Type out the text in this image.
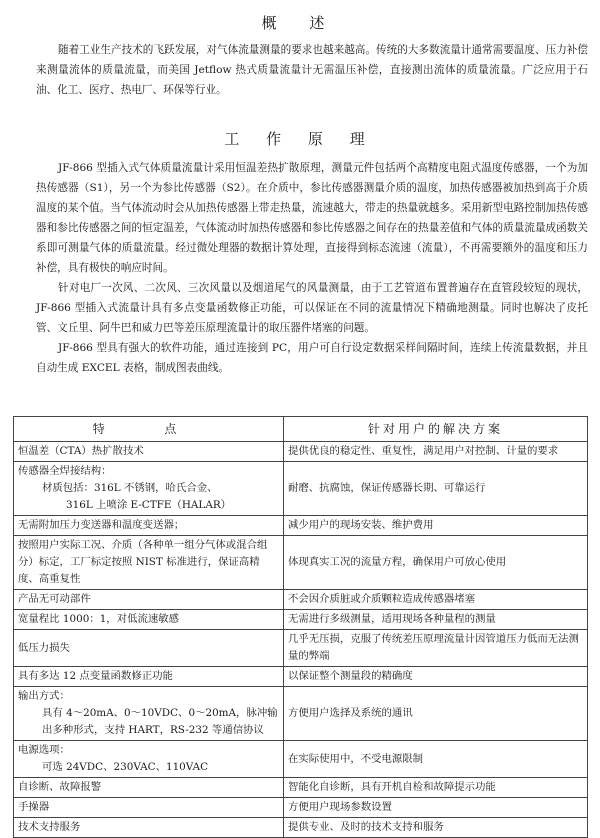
概 述
随着工业生产技术的飞跃发展，对气体流量测量的要求也越来越高。传统的大多数流量计通常需要温度、压力补偿来测量流体的质量流量，而美国 Jetflow 热式质量流量计无需温压补偿，直接测出流体的质量流量。广泛应用于石油、化工、医疗、热电厂、环保等行业。
工 作 原 理
JF-866 型插入式气体质量流量计采用恒温差热扩散原理，测量元件包括两个高精度电阻式温度传感器，一个为加热传感器（S1），另一个为参比传感器（S2）。在介质中，参比传感器测量介质的温度，加热传感器被加热到高于介质温度的某个值。当气体流动时会从加热传感器上带走热量，流速越大，带走的热量就越多。采用新型电路控制加热传感器和参比传感器之间的恒定温差，气体流动时加热传感器和参比传感器之间存在的热量差值和气体的质量流量成函数关系即可测量气体的质量流量。经过微处理器的数据计算处理，直接得到标态流速（流量），不再需要额外的温度和压力补偿，具有极快的响应时间。
针对电厂一次风、二次风、三次风量以及烟道尾气的风量测量，由于工艺管道布置普遍存在直管段较短的现状，JF-866 型插入式流量计具有多点变量函数修正功能，可以保证在不同的流量情况下精确地测量。同时也解决了皮托管、文丘里、阿牛巴和威力巴等差压原理流量计的取压器件堵塞的问题。
JF-866 型具有强大的软件功能，通过连接到 PC，用户可自行设定数据采样间隔时间，连续上传流量数据，并且自动生成 EXCEL 表格，制成图表曲线。
特 点	针对用户的解决方案
恒温差（CTA）热扩散技术	提供优良的稳定性、重复性，满足用户对控制、计量的要求

传感器全焊接结构：
材质包括：316L 不锈钢，哈氏合金、
316L 上喷涂 E-CTFE（HALAR）	耐磨、抗腐蚀，保证传感器长期、可靠运行
无需附加压力变送器和温度变送器；	减少用户的现场安装、维护费用
按照用户实际工况、介质（各种单一组分气体或混合组分）标定，工厂标定按照 NIST 标准进行，保证高精度、高重复性	体现真实工况的流量方程，确保用户可放心使用
产品无可动部件	不会因介质脏或介质颗粒造成传感器堵塞
宽量程比 1000：1，对低流速敏感	无需进行多级测量，适用现场各种量程的测量
低压力损失	几乎无压损，克服了传统差压原理流量计因管道压力低而无法测量的弊端
具有多达 12 点变量函数修正功能	以保证整个测量段的精确度

输出方式：
具有 4～20mA、0～10VDC、0～20mA，脉冲输出多种形式，支持 HART，RS-232 等通信协议	方便用户选择及系统的通讯

电源选项：
可选 24VDC、230VAC、110VAC	在实际使用中，不受电源限制
自诊断、故障报警	智能化自诊断，具有开机自检和故障提示功能
手操器	方便用户现场参数设置
技术支持服务	提供专业、及时的技术支持和服务
